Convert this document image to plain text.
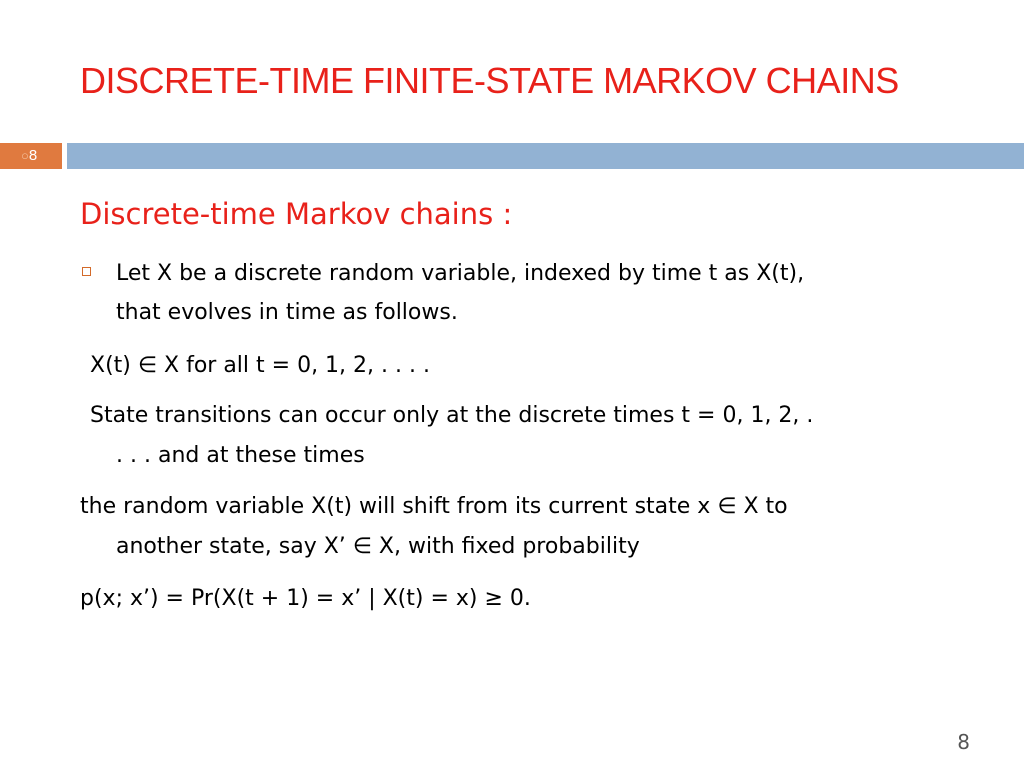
DISCRETE-TIME FINITE-STATE MARKOV CHAINS
○8
Discrete-time Markov chains :
Let X be a discrete random variable, indexed by time t as X(t),
that evolves in time as follows.
X(t) ∈ X for all t = 0, 1, 2, . . . .
State transitions can occur only at the discrete times t = 0, 1, 2, .
. . . and at these times
the random variable X(t) will shift from its current state x ∈ X to
another state, say X’ ∈ X, with fixed probability
p(x; x’) = Pr(X(t + 1) = x’ | X(t) = x) ≥ 0.
8
